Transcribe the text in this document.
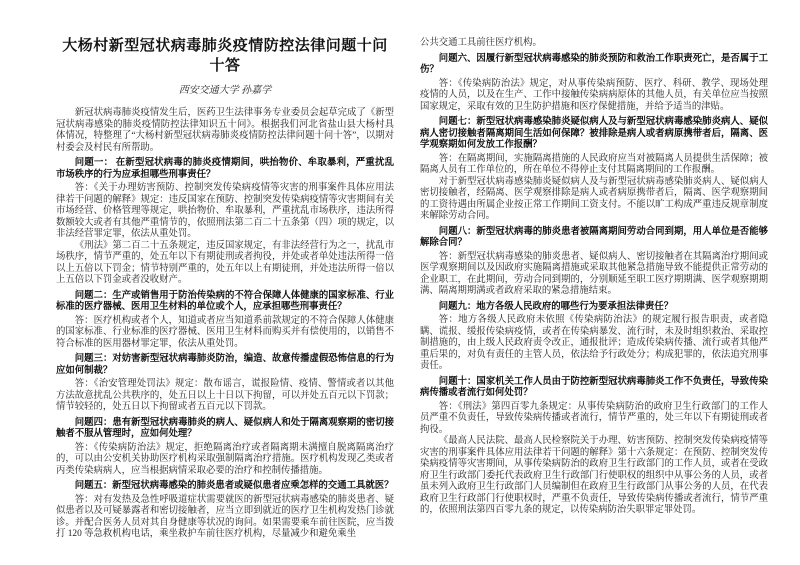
大杨村新型冠状病毒肺炎疫情防控法律问题十问十答
西安交通大学 孙嘉学

新冠状病毒肺炎疫情发生后，医药卫生法律事务专业委员会起草完成了《新型冠状病毒感染的肺炎疫情防控法律知识五十问》。根据我们河北省盐山县大杨村具体情况，特整理了“大杨村新型冠状病毒肺炎疫情防控法律问题十问十答”，以期对村委会及村民有所帮助。

问题一： 在新型冠状病毒的肺炎疫情期间，哄抬物价、牟取暴利，严重扰乱市场秩序的行为应承担哪些刑事责任？

答：《关于办理妨害预防、控制突发传染病疫情等灾害的刑事案件具体应用法律若干问题的解释》规定：违反国家在预防、控制突发传染病疫情等灾害期间有关市场经营、价格管理等规定，哄抬物价、牟取暴利，严重扰乱市场秩序，违法所得数额较大或者有其他严重情节的，依照刑法第二百二十五条第（四）项的规定，以非法经营罪定罪，依法从重处罚。

《刑法》第二百二十五条规定，违反国家规定，有非法经营行为之一，扰乱市场秩序，情节严重的，处五年以下有期徒刑或者拘役，并处或者单处违法所得一倍以上五倍以下罚金；情节特别严重的，处五年以上有期徒刑，并处违法所得一倍以上五倍以下罚金或者没收财产。

问题二：生产或销售用于防治传染病的不符合保障人体健康的国家标准、行业标准的医疗器械、医用卫生材料的单位或个人，应承担哪些刑事责任？

答：医疗机构或者个人，知道或者应当知道系前款规定的不符合保障人体健康的国家标准、行业标准的医疗器械、医用卫生材料而购买并有偿使用的，以销售不符合标准的医用器材罪定罪，依法从重处罚。

问题三：对妨害新型冠状病毒肺炎防治，编造、故意传播虚假恐怖信息的行为应如何制裁？

答：《治安管理处罚法》规定：散布谣言，谎报险情、疫情、警情或者以其他方法故意扰乱公共秩序的，处五日以上十日以下拘留，可以并处五百元以下罚款；情节较轻的，处五日以下拘留或者五百元以下罚款。

问题四：患有新型冠状病毒肺炎的病人、疑似病人和处于隔离观察期的密切接触者不服从管理时，应如何处理？

答：《传染病防治法》规定，拒绝隔离治疗或者隔离期未满擅自脱离隔离治疗的，可以由公安机关协助医疗机构采取强制隔离治疗措施。医疗机构发现乙类或者丙类传染病病人，应当根据病情采取必要的治疗和控制传播措施。

问题五：新型冠状病毒感染的肺炎患者或疑似患者应乘怎样的交通工具就医？

答：对有发热及急性呼吸道症状需要就医的新型冠状病毒感染的肺炎患者、疑似患者以及可疑暴露者和密切接触者，应当立即到就近的医疗卫生机构发热门诊就诊。并配合医务人员对其自身健康等状况的询问。如果需要乘车前往医院，应当拨打 120 等急救机构电话，乘坐救护车前往医疗机构，尽量减少和避免乘坐

公共交通工具前往医疗机构。

问题六、因履行新型冠状病毒感染的肺炎预防和救治工作职责死亡，是否属于工伤？

答：《传染病防治法》规定，对从事传染病预防、医疗、科研、教学、现场处理疫情的人员，以及在生产、工作中接触传染病病原体的其他人员，有关单位应当按照国家规定，采取有效的卫生防护措施和医疗保健措施，并给予适当的津贴。

问题七：新型冠状病毒感染肺炎疑似病人及与新型冠状病毒感染肺炎病人、疑似病人密切接触者隔离期间生活如何保障？被排除是病人或者病原携带者后，隔离、医学观察期如何发放工作报酬？

答：在隔离期间，实施隔离措施的人民政府应当对被隔离人员提供生活保障；被隔离人员有工作单位的，所在单位不得停止支付其隔离期间的工作报酬。

对于新型冠状病毒感染肺炎疑似病人及与新型冠状病毒感染肺炎病人、疑似病人密切接触者，经隔离、医学观察排除是病人或者病原携带者后，隔离、医学观察期间的工资待遇由所属企业按正常工作期间工资支付。不能以旷工构成严重违反规章制度来解除劳动合同。

问题八：新型冠状病毒的肺炎患者被隔离期间劳动合同到期，用人单位是否能够解除合同？

答：新型冠状病毒感染的肺炎患者、疑似病人、密切接触者在其隔离治疗期间或医学观察期间以及因政府实施隔离措施或采取其他紧急措施导致不能提供正常劳动的企业职工，在此期间，劳动合同到期的，分别顺延至职工医疗期期满、医学观察期期满、隔离期期满或者政府采取的紧急措施结束。

问题九：地方各级人民政府的哪些行为要承担法律责任？

答：地方各级人民政府未依照《传染病防治法》的规定履行报告职责，或者隐瞒、谎报、缓报传染病疫情，或者在传染病暴发、流行时，未及时组织救治、采取控制措施的，由上级人民政府责令改正，通报批评；造成传染病传播、流行或者其他严重后果的，对负有责任的主管人员，依法给予行政处分；构成犯罪的，依法追究刑事责任。

问题十：国家机关工作人员由于防控新型冠状病毒肺炎工作不负责任，导致传染病传播或者流行如何处罚？

答：《刑法》第四百零九条规定：从事传染病防治的政府卫生行政部门的工作人员严重不负责任，导致传染病传播或者流行，情节严重的，处三年以下有期徒刑或者拘役。

《最高人民法院、最高人民检察院关于办理、妨害预防、控制突发传染病疫情等灾害的刑事案件具体应用法律若干问题的解释》第十六条规定：在预防、控制突发传染病疫情等灾害期间，从事传染病防治的政府卫生行政部门的工作人员，或者在受政府卫生行政部门委托代表政府卫生行政部门行使职权的组织中从事公务的人员，或者虽未列入政府卫生行政部门人员编制但在政府卫生行政部门从事公务的人员，在代表政府卫生行政部门行使职权时，严重不负责任，导致传染病传播或者流行，情节严重的，依照刑法第四百零九条的规定，以传染病防治失职罪定罪处罚。
